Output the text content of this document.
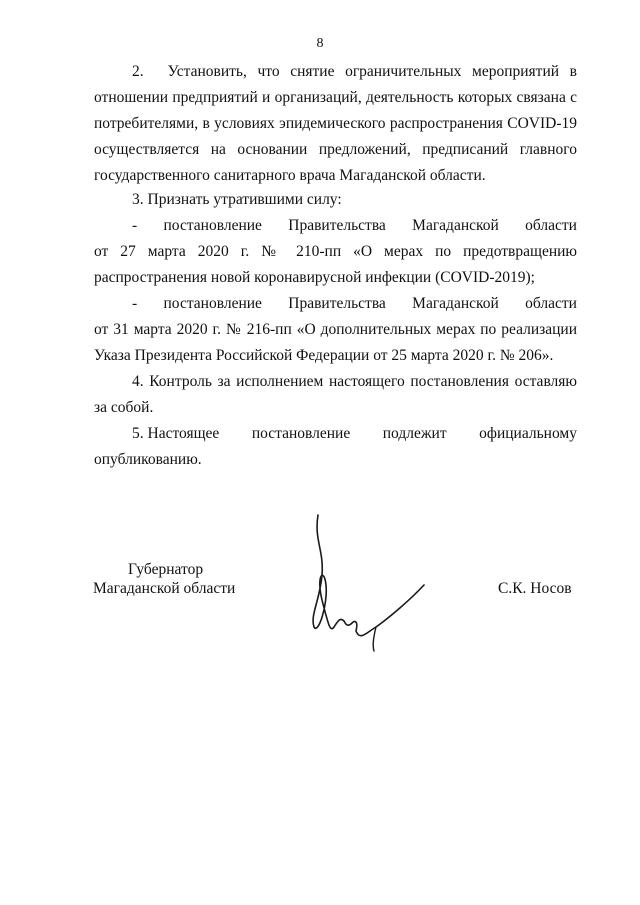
8
2. Установить, что снятие ограничительных мероприятий в
отношении предприятий и организаций, деятельность которых связана с потребителями, в условиях эпидемического распространения COVID-19 осуществляется на основании предложений, предписаний главного государственного санитарного врача Магаданской области.

3. Признать утратившими силу:

- постановление Правительства Магаданской области
от 27 марта 2020 г. № 210-пп «О мерах по предотвращению распространения новой коронавирусной инфекции (COVID-2019);
- постановление Правительства Магаданской области
от 31 марта 2020 г. № 216-пп «О дополнительных мерах по реализации Указа Президента Российской Федерации от 25 марта 2020 г. № 206».

4. Контроль за исполнением настоящего постановления оставляю за собой.

5. Настоящее постановление подлежит официальному
опубликованию.
Губернатор
Магаданской области	С.К. Носов
